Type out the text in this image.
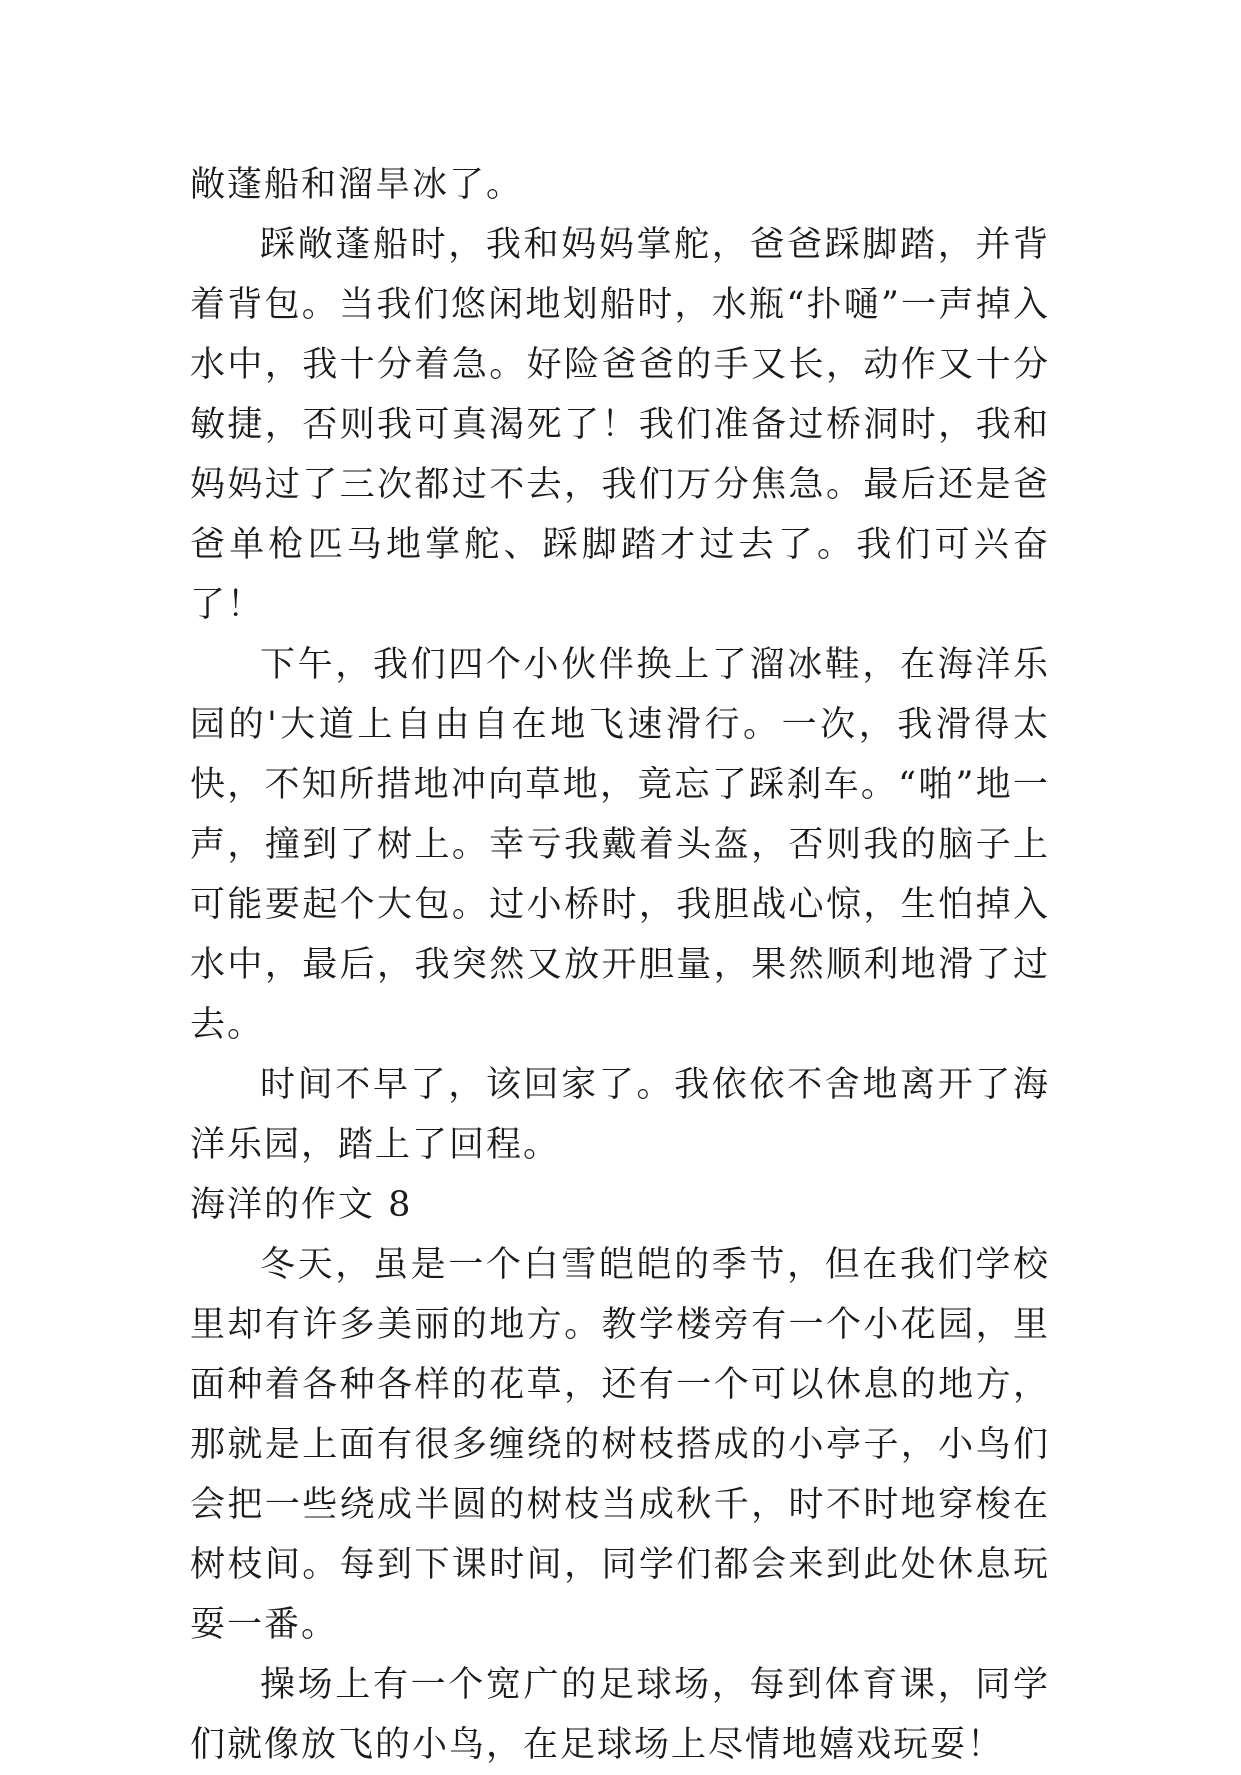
敞蓬船和溜旱冰了。

踩敞蓬船时，我和妈妈掌舵，爸爸踩脚踏，并背着背包。当我们悠闲地划船时，水瓶“扑嗵”一声掉入水中，我十分着急。好险爸爸的手又长，动作又十分敏捷，否则我可真渴死了！我们准备过桥洞时，我和妈妈过了三次都过不去，我们万分焦急。最后还是爸爸单枪匹马地掌舵、踩脚踏才过去了。我们可兴奋了！

下午，我们四个小伙伴换上了溜冰鞋，在海洋乐园的'大道上自由自在地飞速滑行。一次，我滑得太快，不知所措地冲向草地，竟忘了踩刹车。“啪”地一声，撞到了树上。幸亏我戴着头盔，否则我的脑子上可能要起个大包。过小桥时，我胆战心惊，生怕掉入水中，最后，我突然又放开胆量，果然顺利地滑了过去。

时间不早了，该回家了。我依依不舍地离开了海洋乐园，踏上了回程。

海洋的作文 8

冬天，虽是一个白雪皑皑的季节，但在我们学校里却有许多美丽的地方。教学楼旁有一个小花园，里面种着各种各样的花草，还有一个可以休息的地方，那就是上面有很多缠绕的树枝搭成的小亭子，小鸟们会把一些绕成半圆的树枝当成秋千，时不时地穿梭在树枝间。每到下课时间，同学们都会来到此处休息玩耍一番。

操场上有一个宽广的足球场，每到体育课，同学们就像放飞的小鸟，在足球场上尽情地嬉戏玩耍！
